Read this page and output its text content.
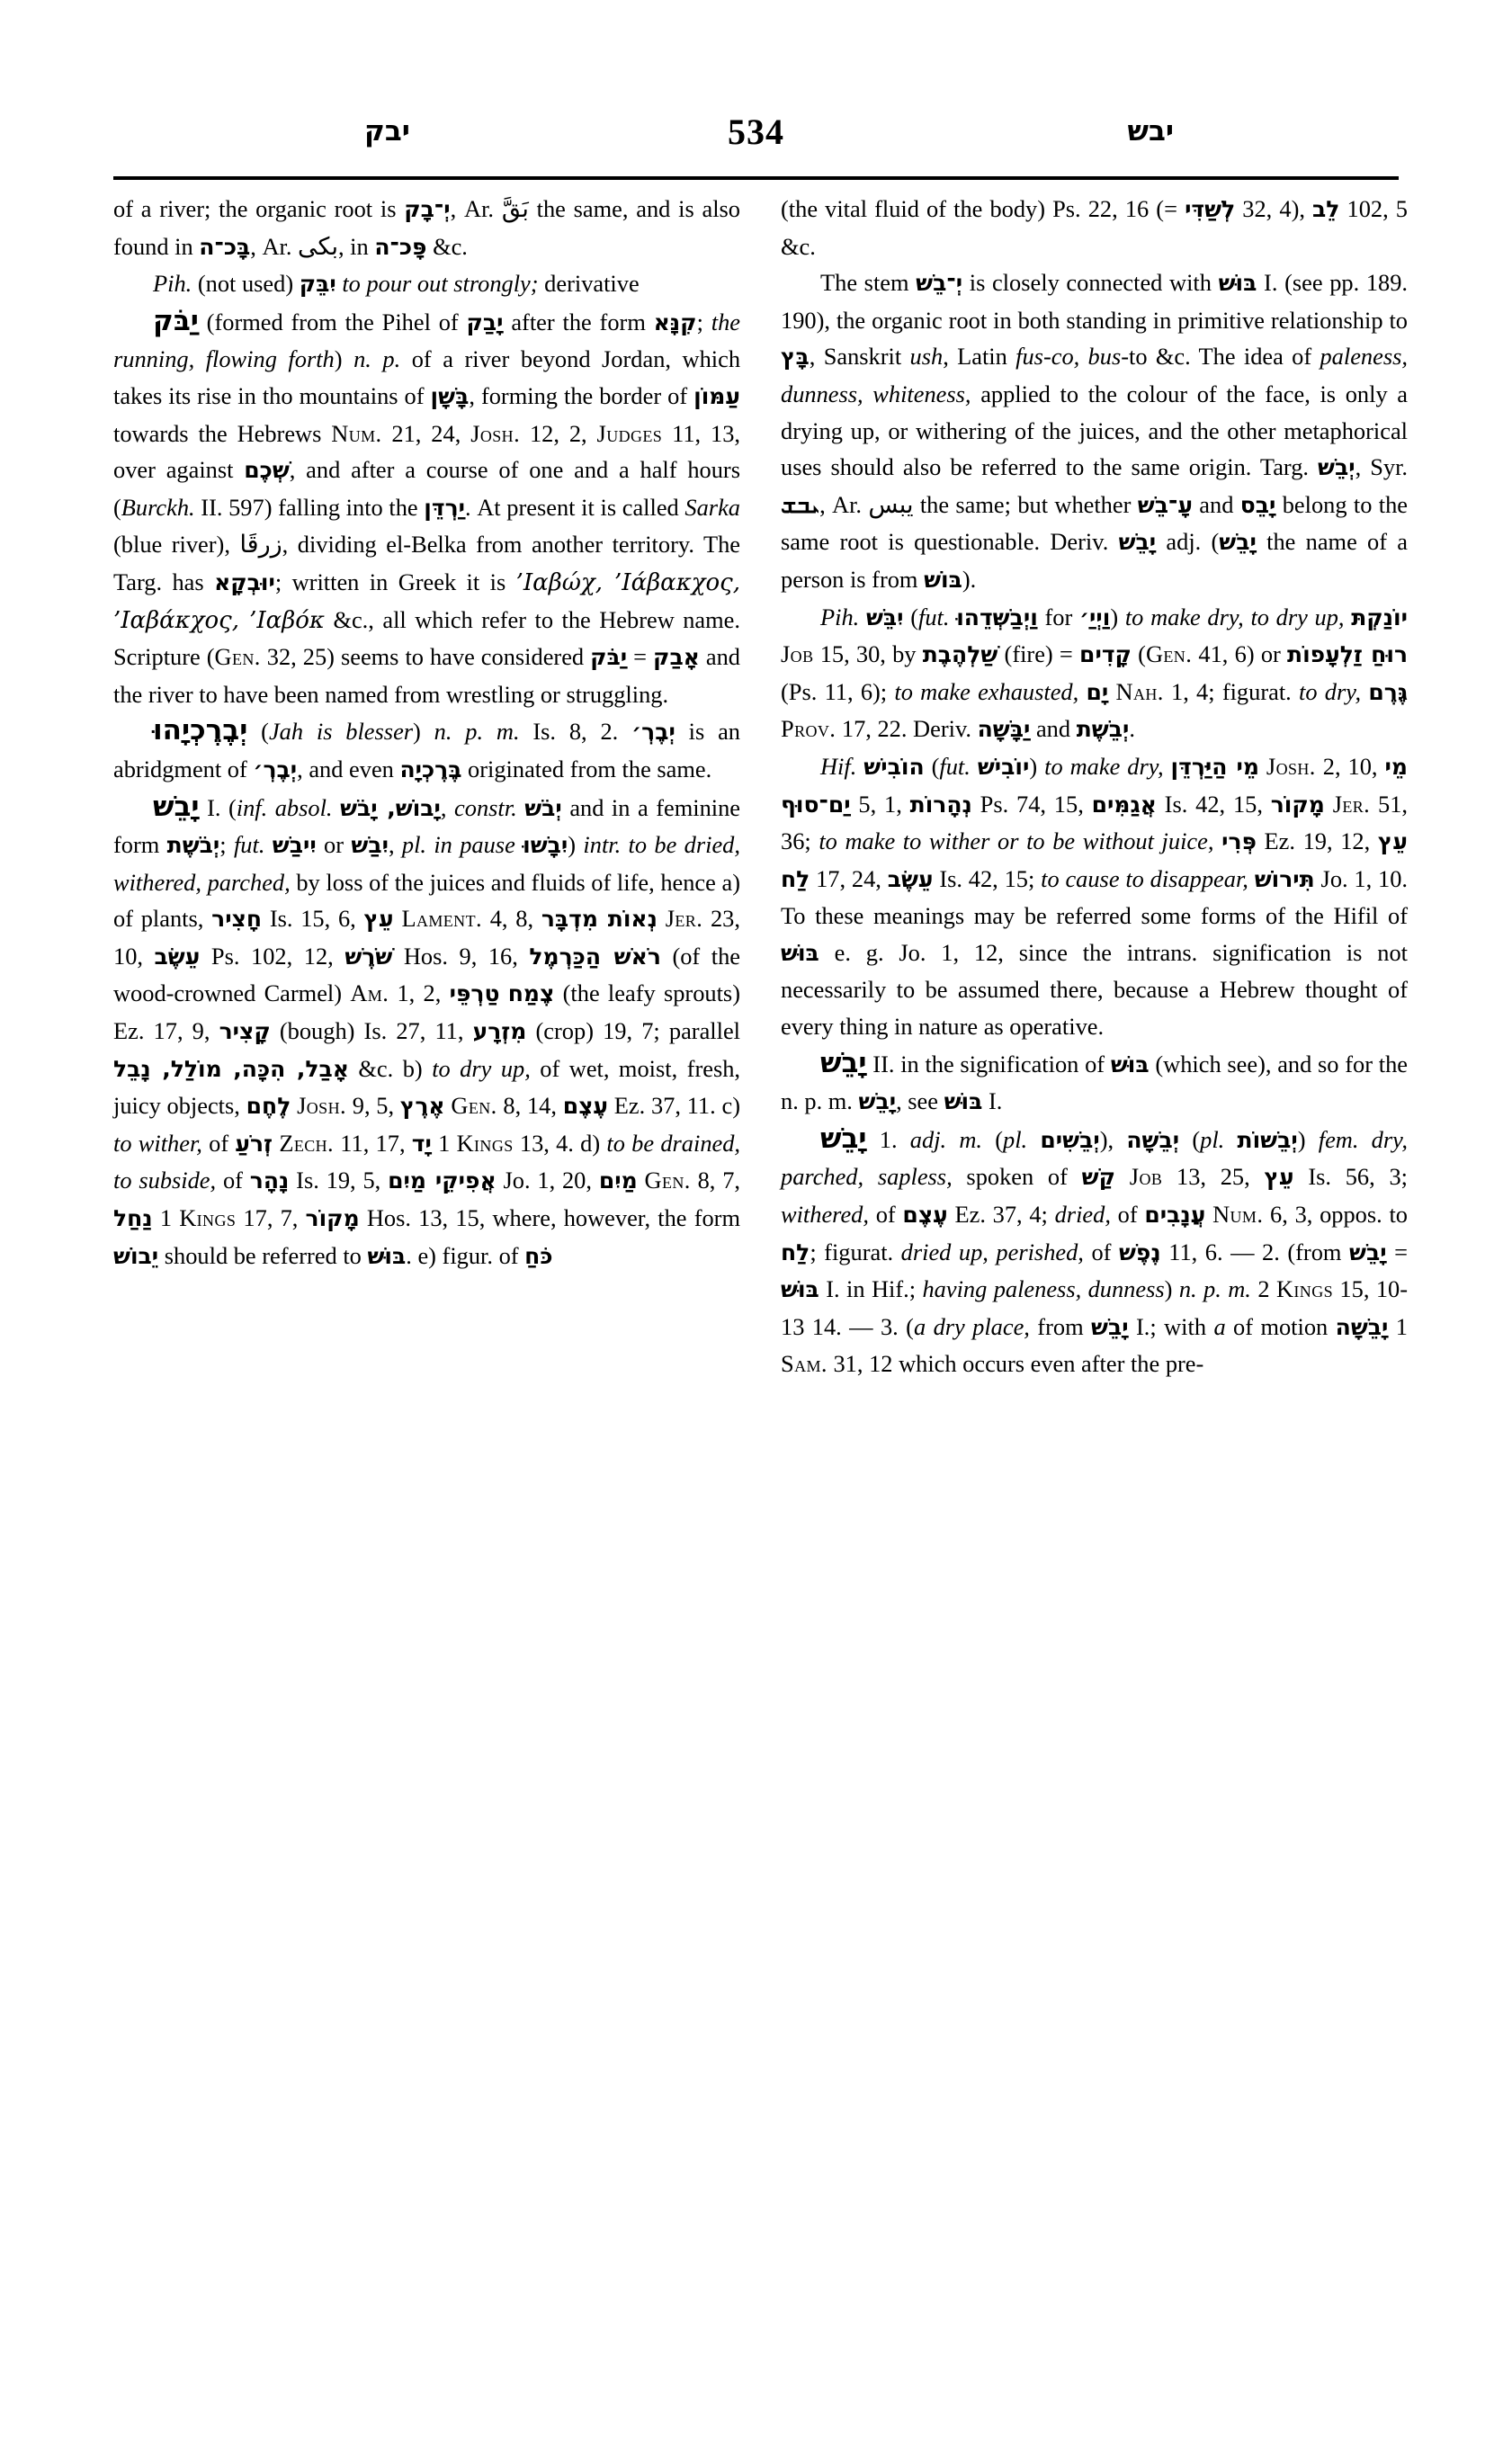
יבק	534	יבש

of a river; the organic root is יְ־בָק, Ar. بَقَّ the same, and is also found in בָּכ־ה, Ar. بكى, in פָּכ־ה &c.

Pih. (not used) יִבֵּק to pour out strongly; derivative

יַבֹּק (formed from the Pihel of יָבַק after the form קִנָּא; the running, flowing forth) n. p. of a river beyond Jordan, which takes its rise in tho mountains of בָּשָׁן, forming the border of עַמּוֹן towards the Hebrews Num. 21, 24, Josh. 12, 2, Judges 11, 13, over against שְׁכֶם, and after a course of one and a half hours (Burckh. II. 597) falling into the יַרְדֵּן. At present it is called Sarka (blue river), زرقَا, dividing el-Belka from another territory. The Targ. has יוּבְקָא; written in Greek it is ’Ιαβώχ, ’Ιάβακχος, ’Ιαβάκχος, ’Ιαβόκ &c., all which refer to the Hebrew name. Scripture (Gen. 32, 25) seems to have considered יַבֹּק = אָבַק and the river to have been named from wrestling or struggling.

יְבֶרֶכְיָהוּ (Jah is blesser) n. p. m. Is. 8, 2. יְבֶרְ׳ is an abridgment of יְבֶרְ׳, and even בֶּרֶכְיָה originated from the same.

יָבֵשׁ I. (inf. absol. יָבוֹשׁ, יָבֹשׁ, constr. יְבֹשׁ and in a feminine form יְבֹשֶׁת; fut. יִיבַשׁ or יִבַשׁ, pl. in pause יִבָשׁוּ) intr. to be dried, withered, parched, by loss of the juices and fluids of life, hence a) of plants, חָצִיר Is. 15, 6, עֵץ Lament. 4, 8, נְאוֹת מִדְבָּר Jer. 23, 10, עֵשֶׂב Ps. 102, 12, שֹׁרֶשׁ Hos. 9, 16, רֹאשׁ הַכַּרְמֶל (of the wood-crowned Carmel) Am. 1, 2, טַרְפֵּי צֶמַח (the leafy sprouts) Ez. 17, 9, קָצִיר (bough) Is. 27, 11, מִזְרָע (crop) 19, 7; parallel אָבַל, הִכָּה, מוֹלַל, נָבֵל &c. b) to dry up, of wet, moist, fresh, juicy objects, לֶחֶם Josh. 9, 5, אֶרֶץ Gen. 8, 14, עֶצֶם Ez. 37, 11. c) to wither, of זְרֹעַ Zech. 11, 17, יָד 1 Kings 13, 4. d) to be drained, to subside, of נָהָר Is. 19, 5, אֲפִיקֵי מַיִם Jo. 1, 20, מַיִם Gen. 8, 7, נַחַל 1 Kings 17, 7, מָקוֹר Hos. 13, 15, where, however, the form יֵבוֹשׁ should be referred to בּוּשׁ. e) figur. of כֹּחַ

(the vital fluid of the body) Ps. 22, 16 (= לְשַׁדִּי 32, 4), לֵב 102, 5 &c.

The stem יְ־בֵשׁ is closely connected with בּוּשׁ I. (see pp. 189. 190), the organic root in both standing in primitive relationship to בָּץ, Sanskrit ush, Latin fus-co, bus-to &c. The idea of paleness, dunness, whiteness, applied to the colour of the face, is only a drying up, or withering of the juices, and the other metaphorical uses should also be referred to the same origin. Targ. יְבֵשׁ, Syr. ܝܒܫ, Ar. يبس the same; but whether עָ־בֵשׁ and יָבֵס belong to the same root is questionable. Deriv. יָבֵשׁ adj. (יָבֵשׁ the name of a person is from בּוֹשׁ).

Pih. יִבֵּשׁ (fut. וַיְבַשְּׁדֵהוּ for וַיְיַ׳) to make dry, to dry up, יוֹנַקְתּ Job 15, 30, by שַׁלְהֶבֶת (fire) = קָדִים (Gen. 41, 6) or רוּחַ זַלְעָפוֹת (Ps. 11, 6); to make exhausted, יָם Nah. 1, 4; figurat. to dry, גֶּרֶם Prov. 17, 22. Deriv. יַבָּשָׁה and יְבֵשֶׁת.

Hif. הוֹבִישׁ (fut. יוֹבִישׁ) to make dry, מֵי הַיַּרְדֵּן Josh. 2, 10, מֵי יַם־סוּף 5, 1, נְהָרוֹת Ps. 74, 15, אֲגַמִּים Is. 42, 15, מָקוֹר Jer. 51, 36; to make to wither or to be without juice, פְּרִי Ez. 19, 12, עֵץ לַח 17, 24, עֵשֶׂב Is. 42, 15; to cause to disappear, תִּירוֹשׁ Jo. 1, 10. To these meanings may be referred some forms of the Hifil of בּוּשׁ e. g. Jo. 1, 12, since the intrans. signification is not necessarily to be assumed there, because a Hebrew thought of every thing in nature as operative.

יָבֵשׁ II. in the signification of בּוּשׁ (which see), and so for the n. p. m. יָבֵשׁ, see בּוּשׁ I.

יָבֵשׁ 1. adj. m. (pl. יְבֵשִׁים), יְבֵשָׁה (pl. יְבֵשׁוֹת) fem. dry, parched, sapless, spoken of קַשׁ Job 13, 25, עֵץ Is. 56, 3; withered, of עֶצֶם Ez. 37, 4; dried, of עֲנָבִים Num. 6, 3, oppos. to לַח; figurat. dried up, perished, of נֶפֶשׁ 11, 6. — 2. (from יָבֵשׁ = בּוּשׁ I. in Hif.; having paleness, dunness) n. p. m. 2 Kings 15, 10-13 14. — 3. (a dry place, from יָבֵשׁ I.; with a of motion יָבֵשָׁה 1 Sam. 31, 12 which occurs even after the pre-
